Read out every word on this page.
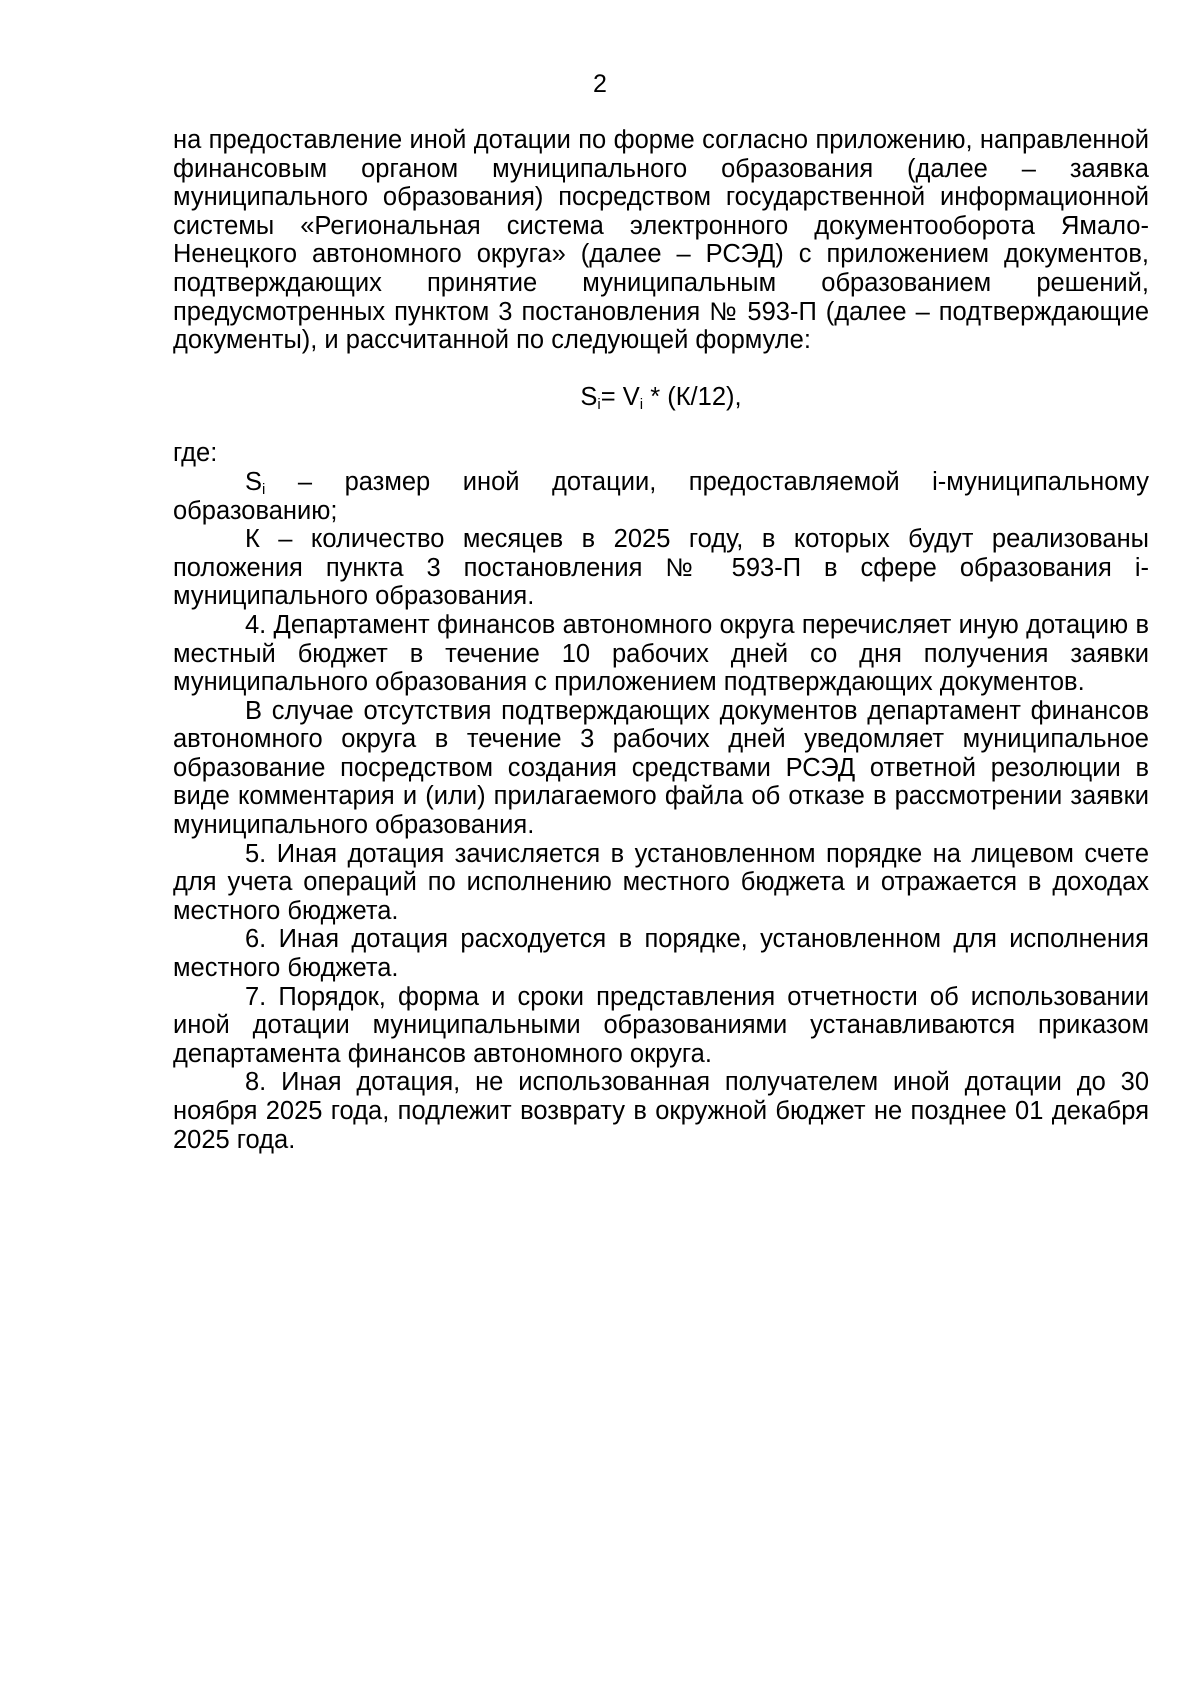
2

на предоставление иной дотации по форме согласно приложению, направленной финансовым органом муниципального образования (далее – заявка муниципального образования) посредством государственной информационной системы «Региональная система электронного документооборота Ямало-Ненецкого автономного округа» (далее – РСЭД) с приложением документов, подтверждающих принятие муниципальным образованием решений, предусмотренных пунктом 3 постановления № 593-П (далее – подтверждающие документы), и рассчитанной по следующей формуле:

$S_i= V_i * (К/12)$,

где:

$S_i$ – размер иной дотации, предоставляемой i-муниципальному образованию;

К – количество месяцев в 2025 году, в которых будут реализованы положения пункта 3 постановления № 593-П в сфере образования i-муниципального образования.

4. Департамент финансов автономного округа перечисляет иную дотацию в местный бюджет в течение 10 рабочих дней со дня получения заявки муниципального образования с приложением подтверждающих документов.

В случае отсутствия подтверждающих документов департамент финансов автономного округа в течение 3 рабочих дней уведомляет муниципальное образование посредством создания средствами РСЭД ответной резолюции в виде комментария и (или) прилагаемого файла об отказе в рассмотрении заявки муниципального образования.

5. Иная дотация зачисляется в установленном порядке на лицевом счете для учета операций по исполнению местного бюджета и отражается в доходах местного бюджета.

6. Иная дотация расходуется в порядке, установленном для исполнения местного бюджета.

7. Порядок, форма и сроки представления отчетности об использовании иной дотации муниципальными образованиями устанавливаются приказом департамента финансов автономного округа.

8. Иная дотация, не использованная получателем иной дотации до 30 ноября 2025 года, подлежит возврату в окружной бюджет не позднее 01 декабря 2025 года.
